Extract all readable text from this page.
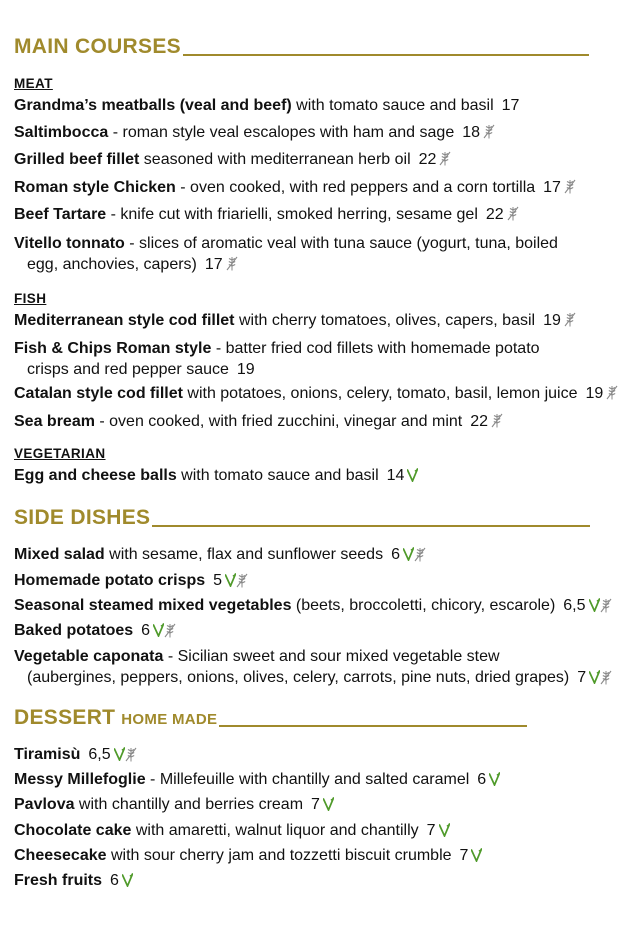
MAIN COURSES
MEAT
Grandma’s meatballs (veal and beef) with tomato sauce and basil 17
Saltimbocca - roman style veal escalopes with ham and sage 18
Grilled beef fillet seasoned with mediterranean herb oil 22
Roman style Chicken - oven cooked, with red peppers and a corn tortilla 17
Beef Tartare - knife cut with friarielli, smoked herring, sesame gel 22
Vitello tonnato - slices of aromatic veal with tuna sauce (yogurt, tuna, boiled
egg, anchovies, capers) 17
FISH
Mediterranean style cod fillet with cherry tomatoes, olives, capers, basil 19
Fish & Chips Roman style - batter fried cod fillets with homemade potato
crisps and red pepper sauce 19
Catalan style cod fillet with potatoes, onions, celery, tomato, basil, lemon juice 19
Sea bream - oven cooked, with fried zucchini, vinegar and mint 22
VEGETARIAN
Egg and cheese balls with tomato sauce and basil 14
SIDE DISHES
Mixed salad with sesame, flax and sunflower seeds 6
Homemade potato crisps 5
Seasonal steamed mixed vegetables (beets, broccoletti, chicory, escarole) 6,5
Baked potatoes 6
Vegetable caponata - Sicilian sweet and sour mixed vegetable stew
(aubergines, peppers, onions, olives, celery, carrots, pine nuts, dried grapes) 7
DESSERT HOME MADE
Tiramisù 6,5
Messy Millefoglie - Millefeuille with chantilly and salted caramel 6
Pavlova with chantilly and berries cream 7
Chocolate cake with amaretti, walnut liquor and chantilly 7
Cheesecake with sour cherry jam and tozzetti biscuit crumble 7
Fresh fruits 6
